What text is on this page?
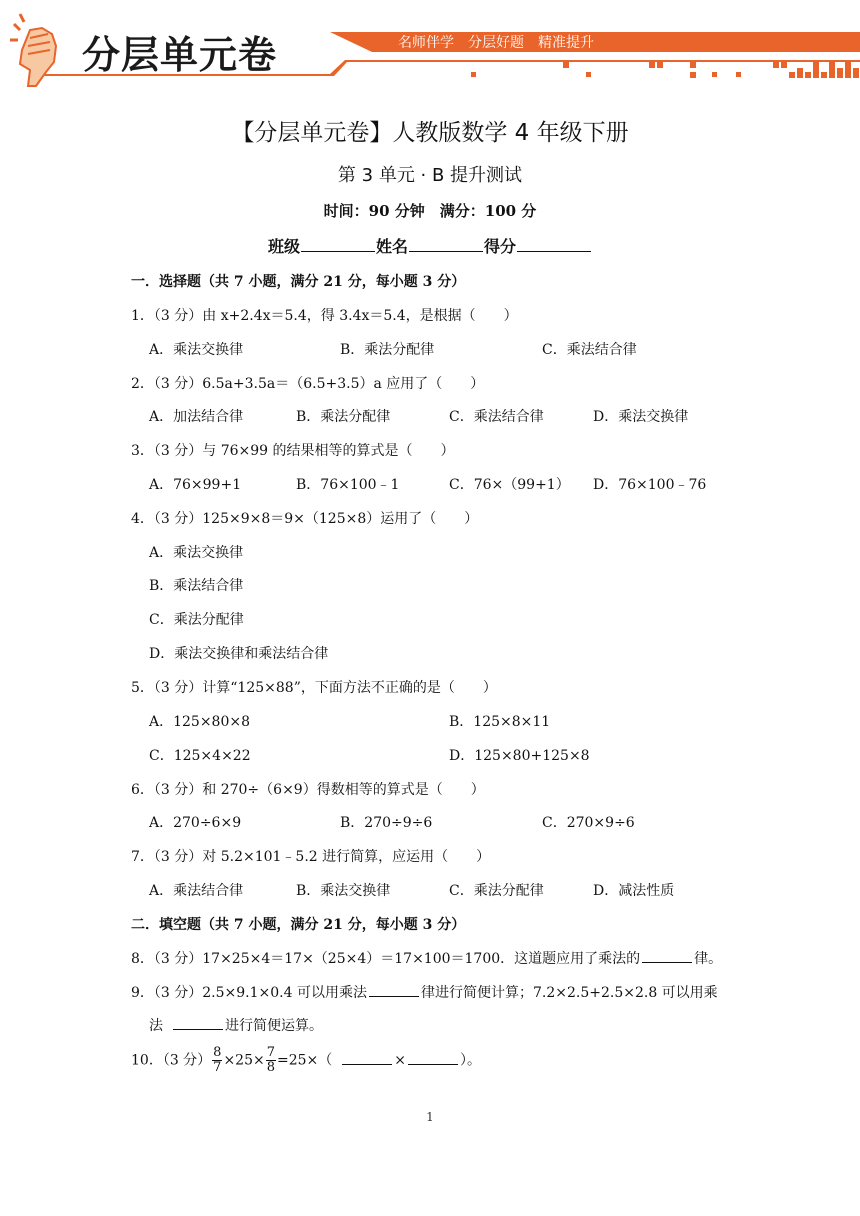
分层单元卷	名师伴学　分层好题　精准提升
【分层单元卷】人教版数学 4 年级下册
第 3 单元 · B 提升测试
时间：90 分钟　满分：100 分
班级	姓名	得分
一．选择题（共 7 小题，满分 21 分，每小题 3 分）
1．（3 分）由 x+2.4x＝5.4，得 3.4x＝5.4，是根据（　　）
A．乘法交换律	B．乘法分配律	C．乘法结合律
2．（3 分）6.5a+3.5a＝（6.5+3.5）a 应用了（　　）
A．加法结合律	B．乘法分配律	C．乘法结合律	D．乘法交换律
3．（3 分）与 76×99 的结果相等的算式是（　　）
A．76×99+1	B．76×100﹣1	C．76×（99+1） D．76×100﹣76
4．（3 分）125×9×8＝9×（125×8）运用了（　　）
A．乘法交换律
B．乘法结合律
C．乘法分配律
D．乘法交换律和乘法结合律
5．（3 分）计算“125×88”，下面方法不正确的是（　　）
A．125×80×8	B．125×8×11
C．125×4×22	D．125×80+125×8
6．（3 分）和 270÷（6×9）得数相等的算式是（　　）
A．270÷6×9	B．270÷9÷6	C．270×9÷6
7．（3 分）对 5.2×101﹣5.2 进行简算，应运用（　　）
A．乘法结合律	B．乘法交换律	C．乘法分配律	D．减法性质
二．填空题（共 7 小题，满分 21 分，每小题 3 分）
8．（3 分）17×25×4＝17×（25×4）＝17×100＝1700．这道题应用了乘法的	律。
9．（3 分）2.5×9.1×0.4 可以用乘法	律进行简便计算；7.2×2.5+2.5×2.8 可以用乘
法	进行简便运算。
10．（3 分） $\frac{8}{7} \times 25\times \frac{7}{8} =25\times$（	×	）。
1
